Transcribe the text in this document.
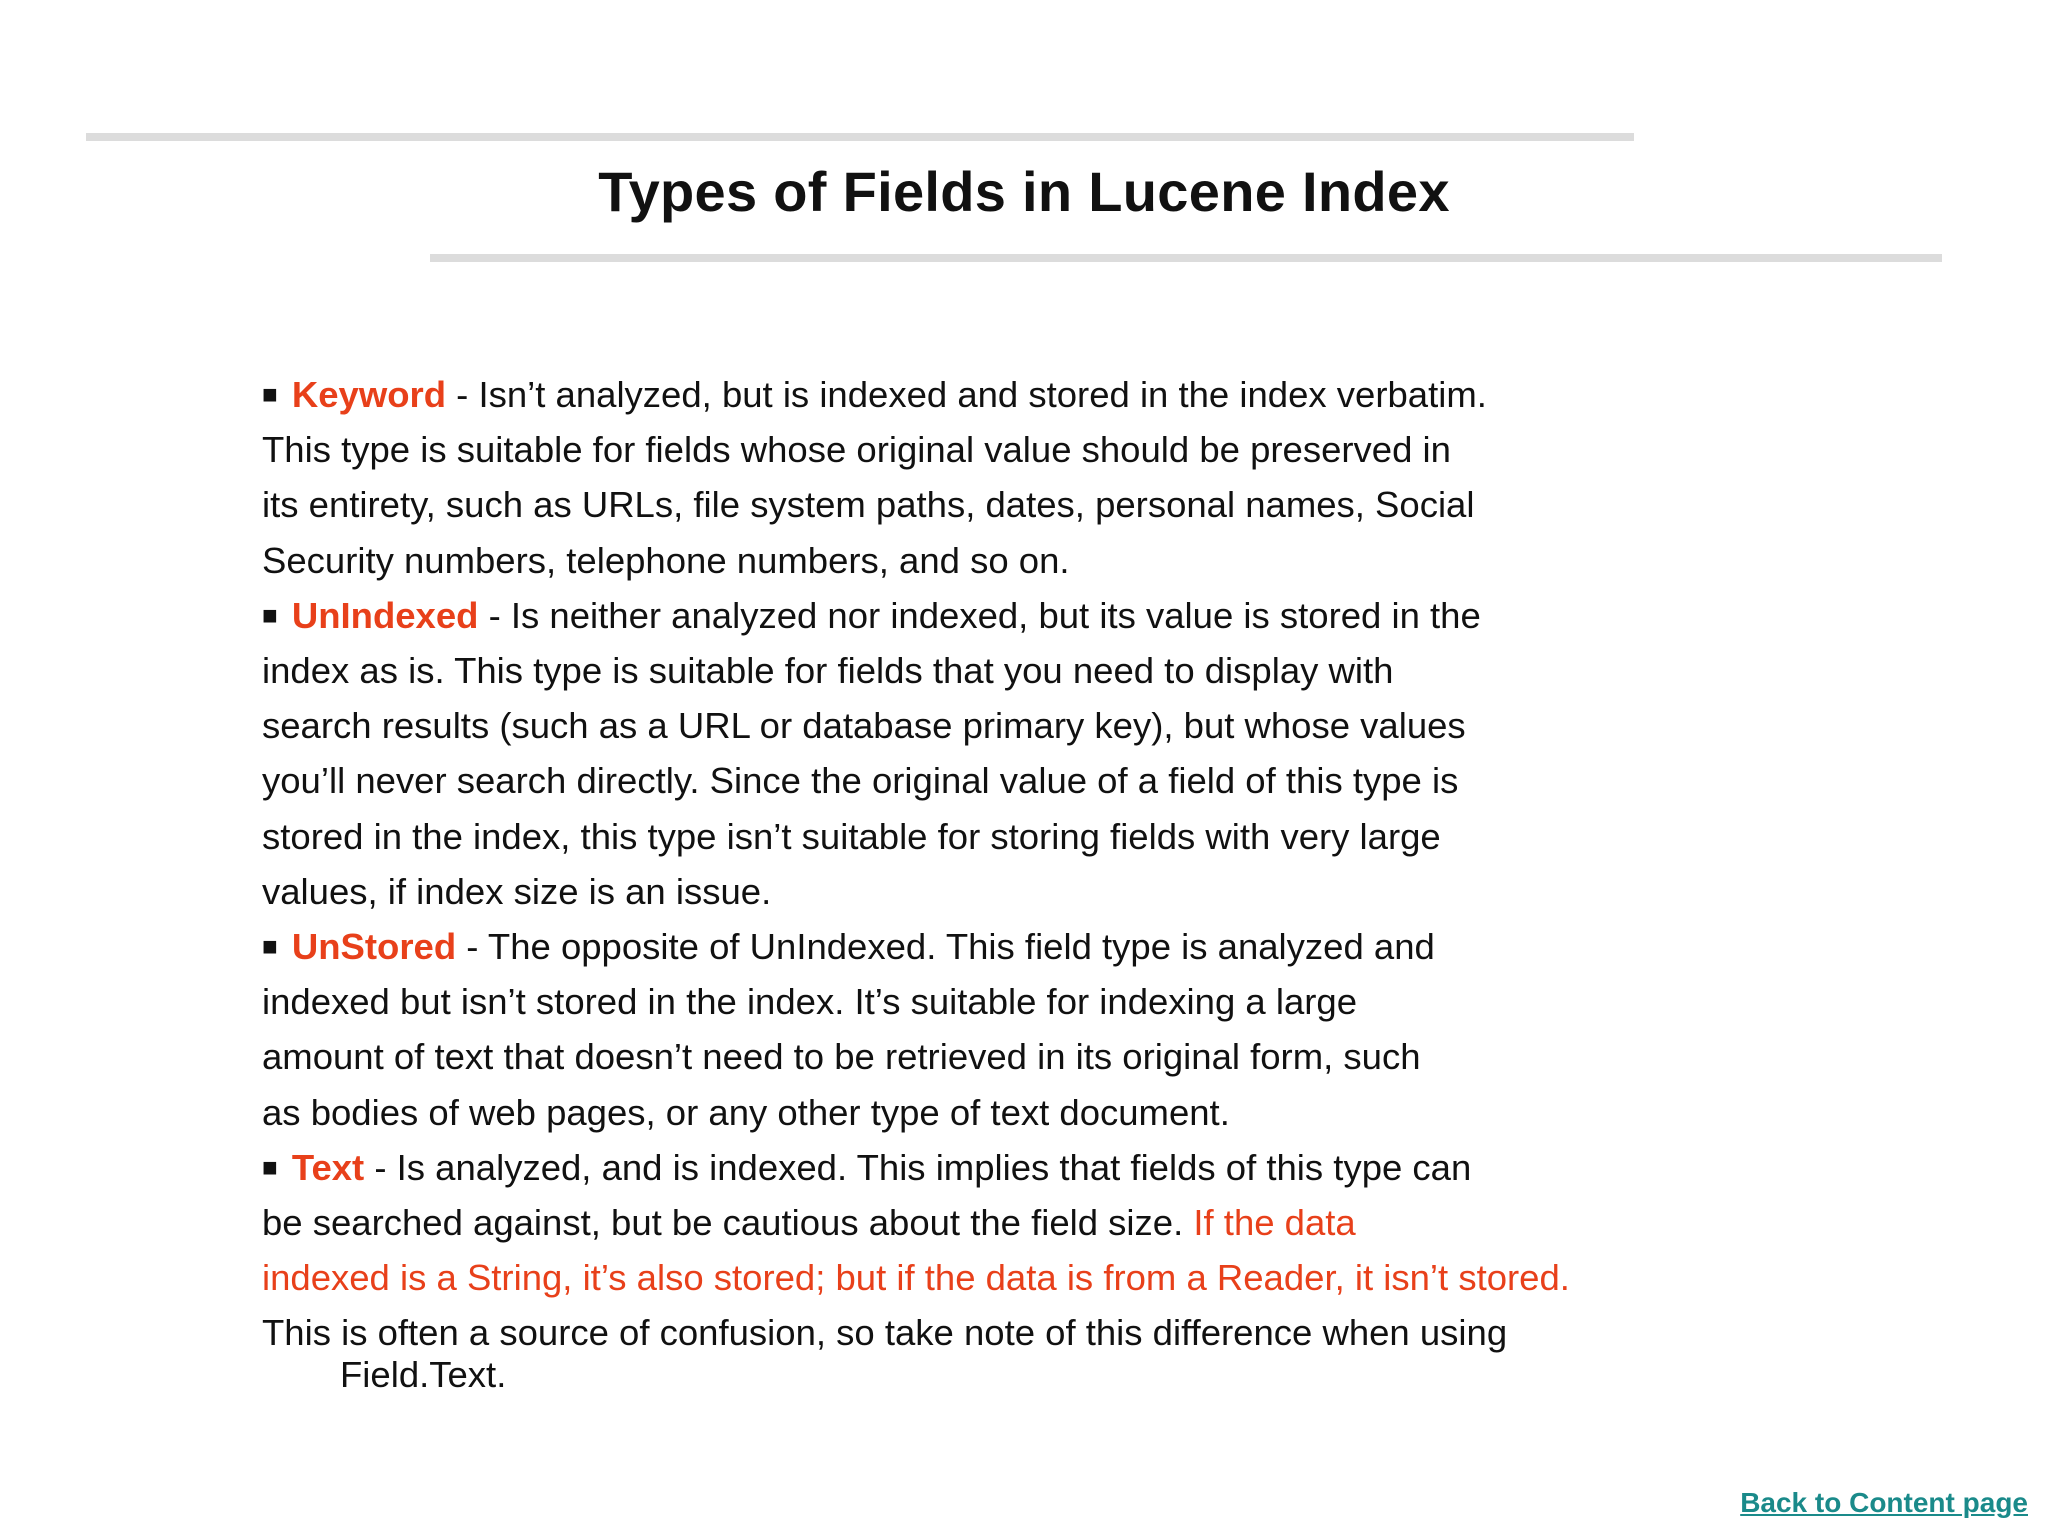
Types of Fields in Lucene Index
■ Keyword - Isn’t analyzed, but is indexed and stored in the index verbatim.
This type is suitable for fields whose original value should be preserved in
its entirety, such as URLs, file system paths, dates, personal names, Social
Security numbers, telephone numbers, and so on.
■ UnIndexed - Is neither analyzed nor indexed, but its value is stored in the
index as is. This type is suitable for fields that you need to display with
search results (such as a URL or database primary key), but whose values
you’ll never search directly. Since the original value of a field of this type is
stored in the index, this type isn’t suitable for storing fields with very large
values, if index size is an issue.
■ UnStored - The opposite of UnIndexed. This field type is analyzed and
indexed but isn’t stored in the index. It’s suitable for indexing a large
amount of text that doesn’t need to be retrieved in its original form, such
as bodies of web pages, or any other type of text document.
■ Text - Is analyzed, and is indexed. This implies that fields of this type can
be searched against, but be cautious about the field size. If the data
indexed is a String, it’s also stored; but if the data is from a Reader, it isn’t stored.
This is often a source of confusion, so take note of this difference when using
Field.Text.
Back to Content page
